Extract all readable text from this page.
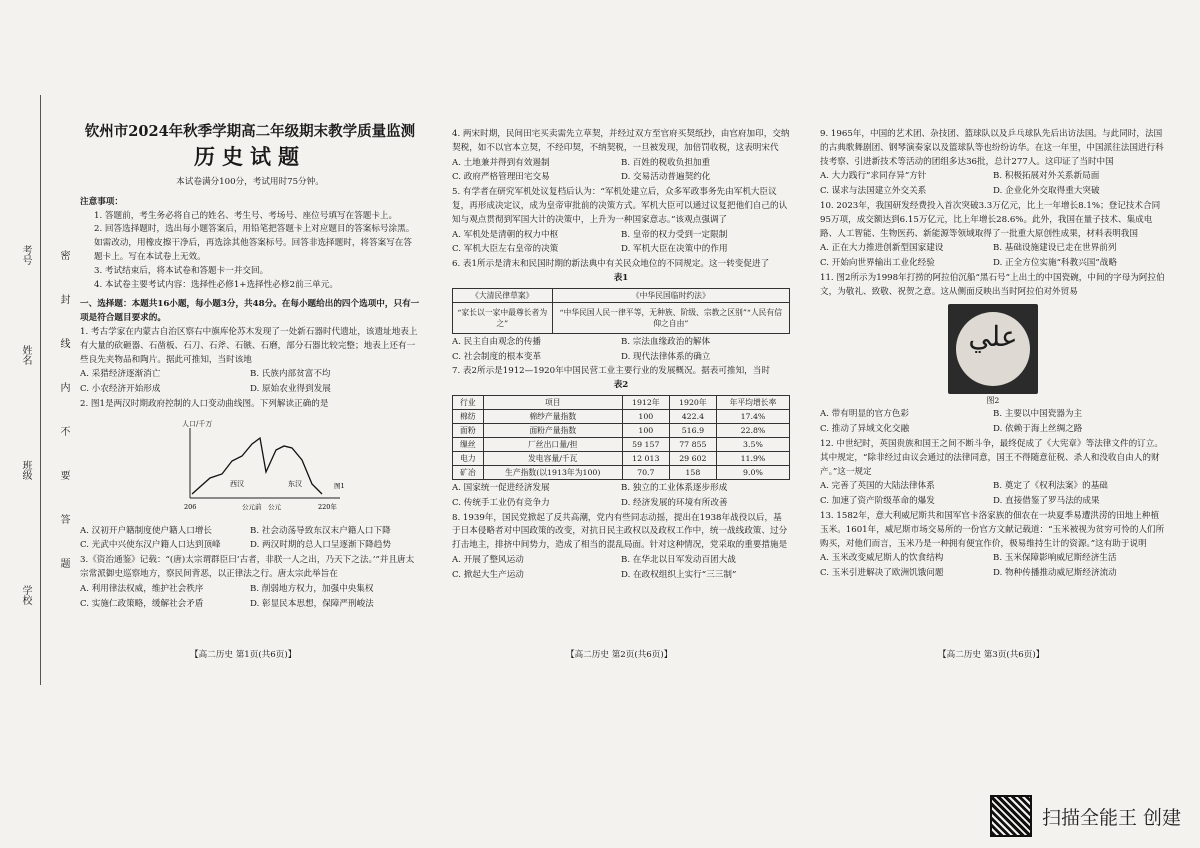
学校
班级
姓名
考号	密封线内不要答题
钦州市2024年秋季学期高二年级期末教学质量监测
历史试题
本试卷满分100分，考试用时75分钟。
注意事项：

1. 答题前，考生务必将自己的姓名、考生号、考场号、座位号填写在答题卡上。

2. 回答选择题时，选出每小题答案后，用铅笔把答题卡上对应题目的答案标号涂黑。如需改动，用橡皮擦干净后，再选涂其他答案标号。回答非选择题时，将答案写在答题卡上。写在本试卷上无效。

3. 考试结束后，将本试卷和答题卡一并交回。

4. 本试卷主要考试内容：选择性必修1+选择性必修2前三单元。

一、选择题：本题共16小题，每小题3分，共48分。在每小题给出的四个选项中，只有一项是符合题目要求的。

1. 考古学家在内蒙古自治区察右中旗库伦苏木发现了一处新石器时代遗址，该遗址地表上有大量的砍砸器、石凿板、石刀、石斧、石镞、石磨，部分石器比较完整；地表上还有一些良先夹物品和陶片。据此可推知，当时该地

A. 采猎经济逐渐消亡	B. 氏族内部贫富不均
C. 小农经济开始形成	D. 原始农业得到发展

2. 图1是两汉时期政府控制的人口变动曲线图。下列解读正确的是

人口/千万
西汉	东汉
206	公元前 公元	220年
图1
A. 汉初开户籍制度使户籍人口增长	B. 社会动荡导致东汉末户籍人口下降
C. 光武中兴使东汉户籍人口达到顶峰	D. 两汉时期的总人口呈逐渐下降趋势

3.《资治通鉴》记载：“(唐)太宗谓群臣曰‘古者，非朕一人之出，乃天下之法。’”并且唐太宗常派御史巡察地方，察民间背恶，以正律法之行。唐太宗此举旨在

A. 利用律法权威，维护社会秩序	B. 削弱地方权力，加强中央集权
C. 实施仁政策略，缓解社会矛盾	D. 彰显民本思想，保障严刑峻法
【高二历史 第1页(共6页)】

4. 两宋时期，民间田宅买卖需先立草契，并经过双方至官府买契纸抄，由官府加印，交纳契税，如不以官本立契，不经印契，不纳契税，一旦被发现，加倍罚收税，这表明宋代

A. 土地兼并得到有效遏制	B. 百姓的税收负担加重
C. 政府严格管理田宅交易	D. 交易活动普遍契约化

5. 有学者在研究军机处议复档后认为：“军机处建立后，众多军政事务先由军机大臣议复，再形成决定议，成为皇帝审批前的决策方式。军机大臣可以通过议复把他们自己的认知与观点贯彻到军国大计的决策中，上升为一种国家意志。”该观点强调了

A. 军机处是清朝的权力中枢	B. 皇帝的权力受到一定限制
C. 军机大臣左右皇帝的决策	D. 军机大臣在决策中的作用

6. 表1所示是清末和民国时期的新法典中有关民众地位的不同规定。这一转变促进了

表1
《大清民律草案》	《中华民国临时约法》
“家长以一家中最尊长者为之”	“中华民国人民一律平等，无种族、阶级、宗教之区别”“人民有信仰之自由”
A. 民主自由观念的传播	B. 宗法血缘政治的解体
C. 社会制度的根本变革	D. 现代法律体系的确立

7. 表2所示是1912—1920年中国民营工业主要行业的发展概况。据表可推知，当时

表2
行业	项目	1912年	1920年	年平均增长率
棉纺	棉纱产量指数	100	422.4	17.4%
面粉	面粉产量指数	100	516.9	22.8%
缫丝	厂丝出口量/担	59 157	77 855	3.5%
电力	发电容量/千瓦	12 013	29 602	11.9%
矿冶	生产指数(以1913年为100)	70.7	158	9.0%
A. 国家统一促进经济发展	B. 独立的工业体系逐步形成
C. 传统手工业仍有竞争力	D. 经济发展的环境有所改善

8. 1939年，国民党掀起了反共高潮，党内有些同志动摇，提出在1938年战役以后，基于日本侵略者对中国政策的改变，对抗日民主政权以及政权工作中，统一战线政策、过分打击地主，排挤中间势力，造成了相当的混乱局面。针对这种情况，党采取的重要措施是

A. 开展了整风运动	B. 在华北以日军发动百团大战
C. 掀起大生产运动	D. 在政权组织上实行“三三制”
【高二历史 第2页(共6页)】

9. 1965年，中国的艺术团、杂技团、篮球队以及乒乓球队先后出访法国。与此同时，法国的古典歌舞剧团、钢琴演奏家以及篮球队等也纷纷访华。在这一年里，中国派往法国进行科技考察、引进新技术等活动的团组多达36批，总计277人。这印证了当时中国

A. 大力践行“求同存异”方针	B. 积极拓展对外关系新局面
C. 谋求与法国建立外交关系	D. 企业化外交取得重大突破

10. 2023年，我国研发经费投入首次突破3.3万亿元，比上一年增长8.1%；登记技术合同95万项，成交额达到6.15万亿元，比上年增长28.6%。此外，我国在量子技术、集成电路、人工智能、生物医药、新能源等领域取得了一批重大原创性成果，材料表明我国

A. 正在大力推进创新型国家建设	B. 基础设施建设已走在世界前列
C. 开始向世界输出工业化经验	D. 正全方位实施“科教兴国”战略

11. 图2所示为1998年打捞的阿拉伯沉船“黑石号”上出土的中国瓷碗，中间的字母为阿拉伯文，为敬礼、致敬、祝贺之意。这从侧面反映出当时阿拉伯对外贸易

ﻋﻠﻲ
图2
A. 带有明显的官方色彩	B. 主要以中国瓷器为主
C. 推动了异域文化交融	D. 依赖于海上丝绸之路

12. 中世纪时，英国贵族和国王之间不断斗争，最终促成了《大宪章》等法律文件的订立。其中规定，“除非经过由议会通过的法律同意，国王不得随意征税、杀人和没收自由人的财产。”这一规定

A. 完善了英国的大陆法律体系	B. 奠定了《权利法案》的基础
C. 加速了资产阶级革命的爆发	D. 直接借鉴了罗马法的成果

13. 1582年，意大利威尼斯共和国军官卡洛家族的佃农在一块夏季易遭洪涝的田地上种植玉米。1601年，威尼斯市场交易所的一份官方文献记载道：“玉米被视为贫穷可怜的人们所购买，对他们而言，玉米乃是一种拥有便宜作价，极易维持生计的资源。”这有助于说明

A. 玉米改变威尼斯人的饮食结构	B. 玉米保障影响威尼斯经济生活
C. 玉米引进解决了欧洲饥饿问题	D. 物种传播推动威尼斯经济流动
【高二历史 第3页(共6页)】
扫描全能王 创建
